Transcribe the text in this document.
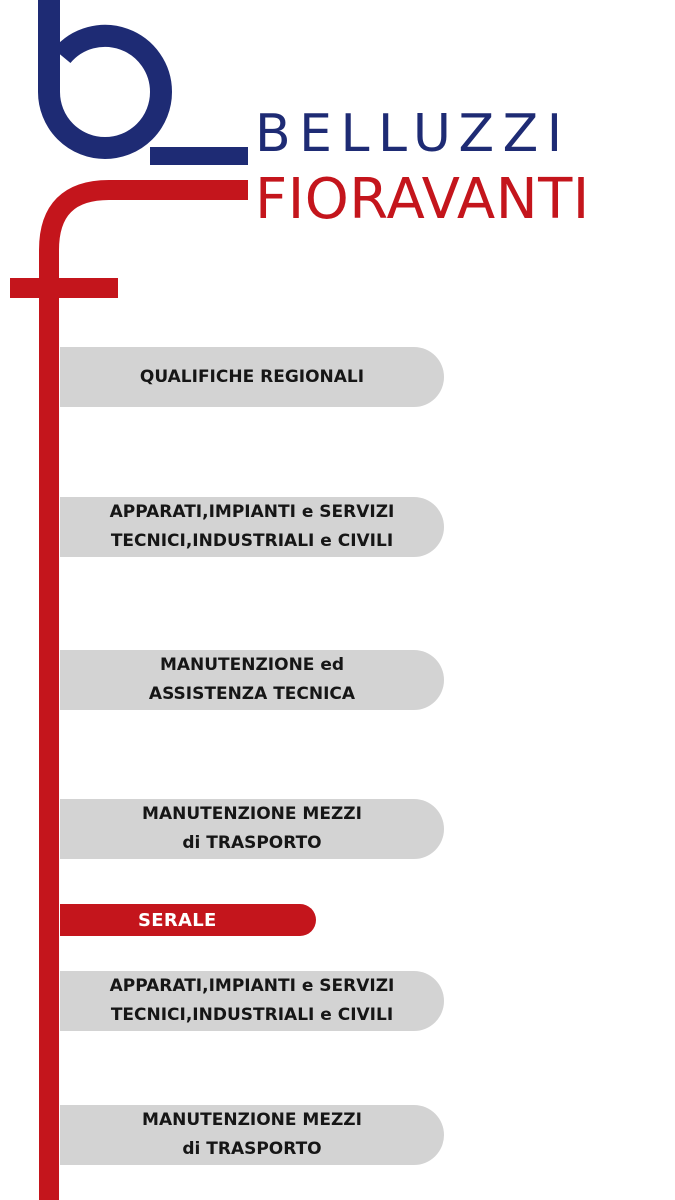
BELLUZZI
FIORAVANTI
QUALIFICHE REGIONALI
APPARATI,IMPIANTI e SERVIZI
TECNICI,INDUSTRIALI e CIVILI
MANUTENZIONE ed
ASSISTENZA TECNICA
MANUTENZIONE MEZZI
di TRASPORTO
SERALE
APPARATI,IMPIANTI e SERVIZI
TECNICI,INDUSTRIALI e CIVILI
MANUTENZIONE MEZZI
di TRASPORTO
